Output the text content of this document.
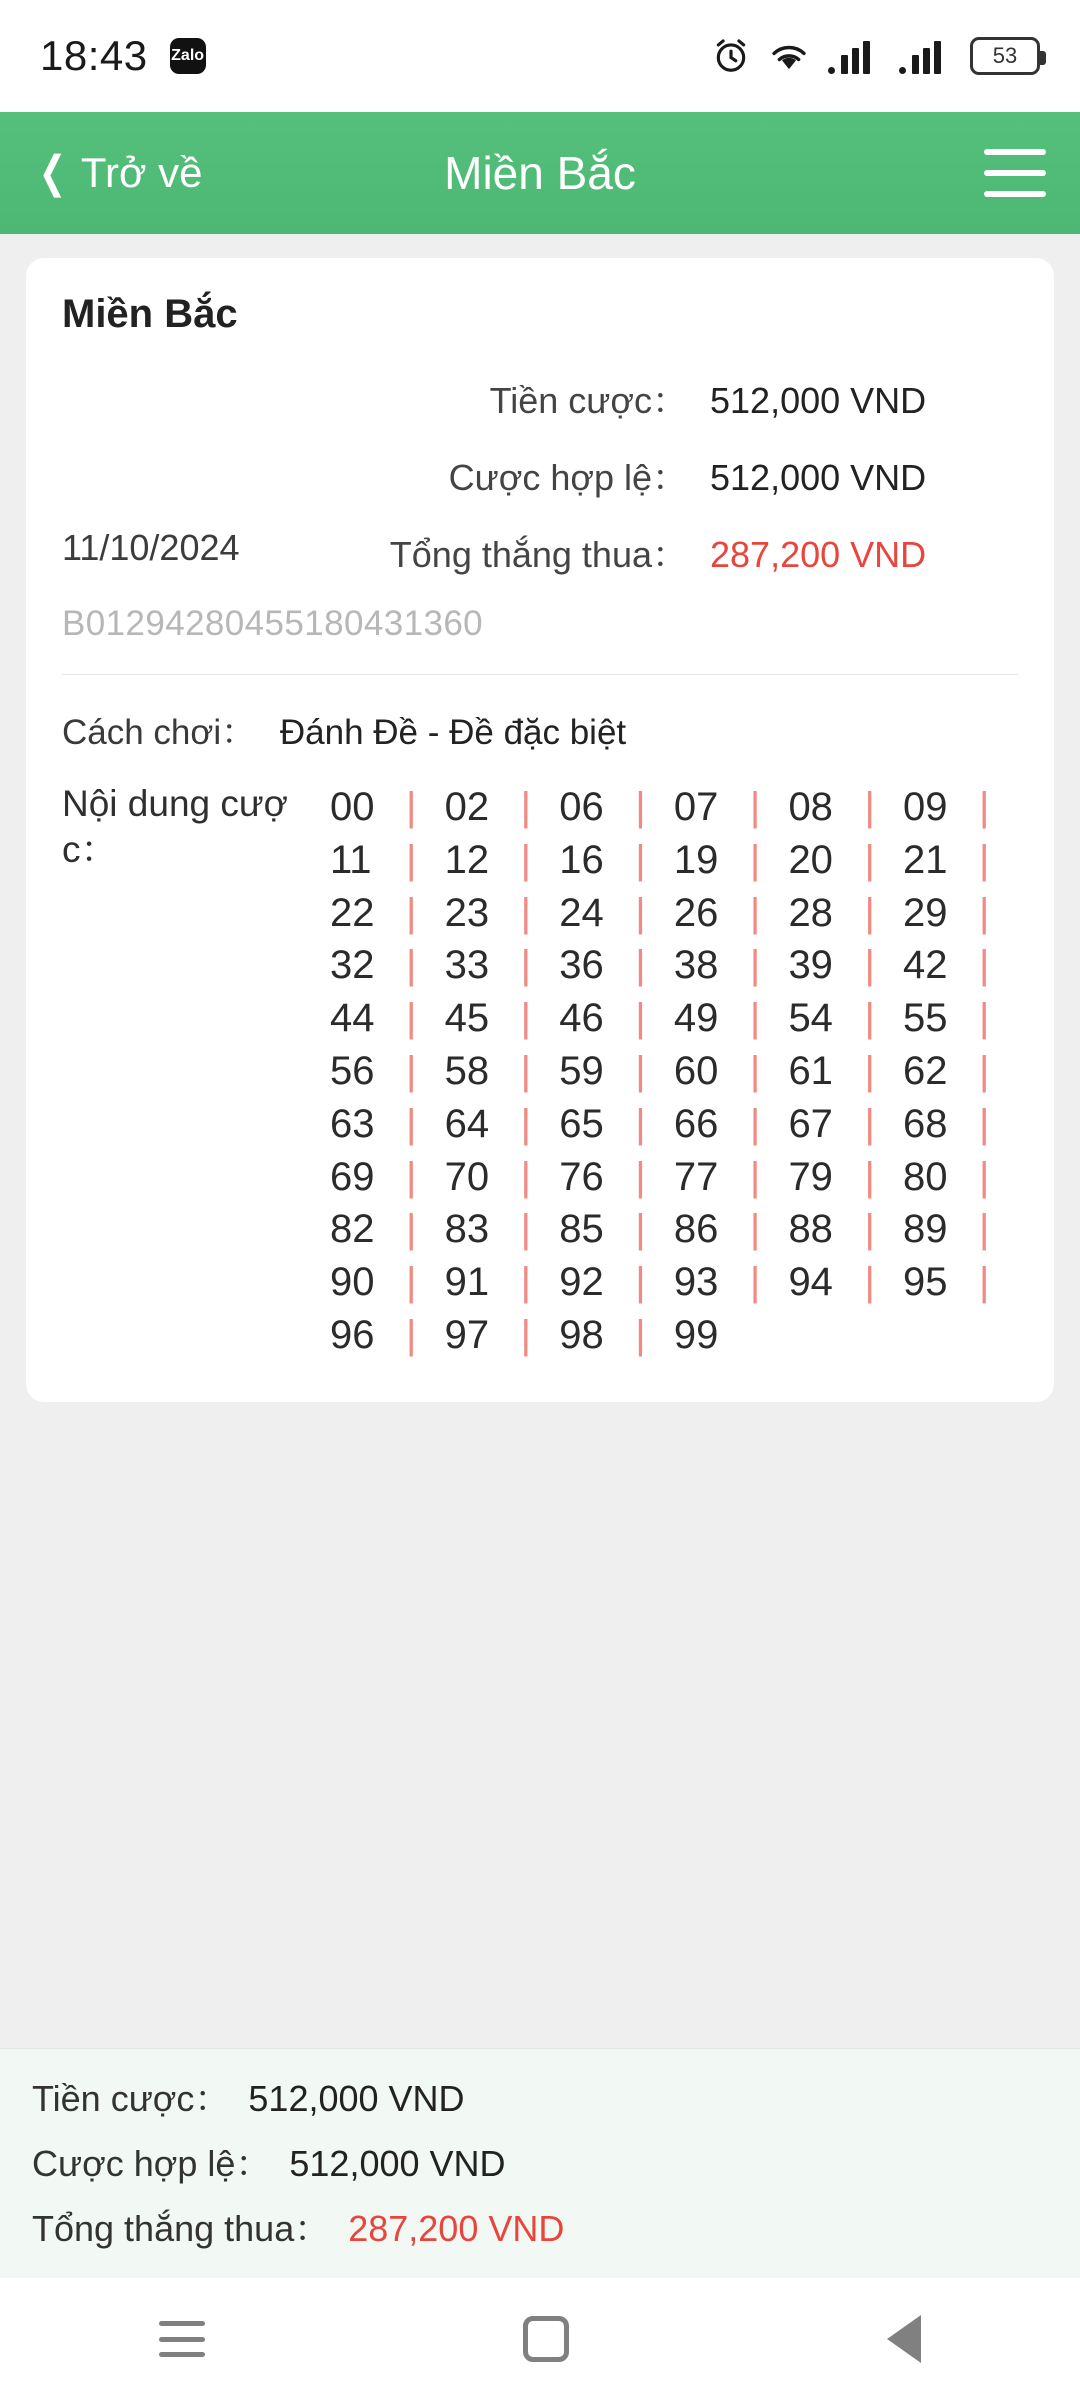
18:43 Zalo	53
❮ Trở về	Miền Bắc
Miền Bắc
Tiền cược： 512,000 VND
Cược hợp lệ： 512,000 VND
11/10/2024	Tổng thắng thua： 287,200 VND
B01294280455180431360
Cách chơi： Đánh Đề - Đề đặc biệt
Nội dung cược：
00 | 02 | 06 | 07 | 08 | 09 |
11 | 12 | 16 | 19 | 20 | 21 |
22 | 23 | 24 | 26 | 28 | 29 |
32 | 33 | 36 | 38 | 39 | 42 |
44 | 45 | 46 | 49 | 54 | 55 |
56 | 58 | 59 | 60 | 61 | 62 |
63 | 64 | 65 | 66 | 67 | 68 |
69 | 70 | 76 | 77 | 79 | 80 |
82 | 83 | 85 | 86 | 88 | 89 |
90 | 91 | 92 | 93 | 94 | 95 |
96 | 97 | 98 | 99
Tiền cược： 512,000 VND
Cược hợp lệ： 512,000 VND
Tổng thắng thua： 287,200 VND
